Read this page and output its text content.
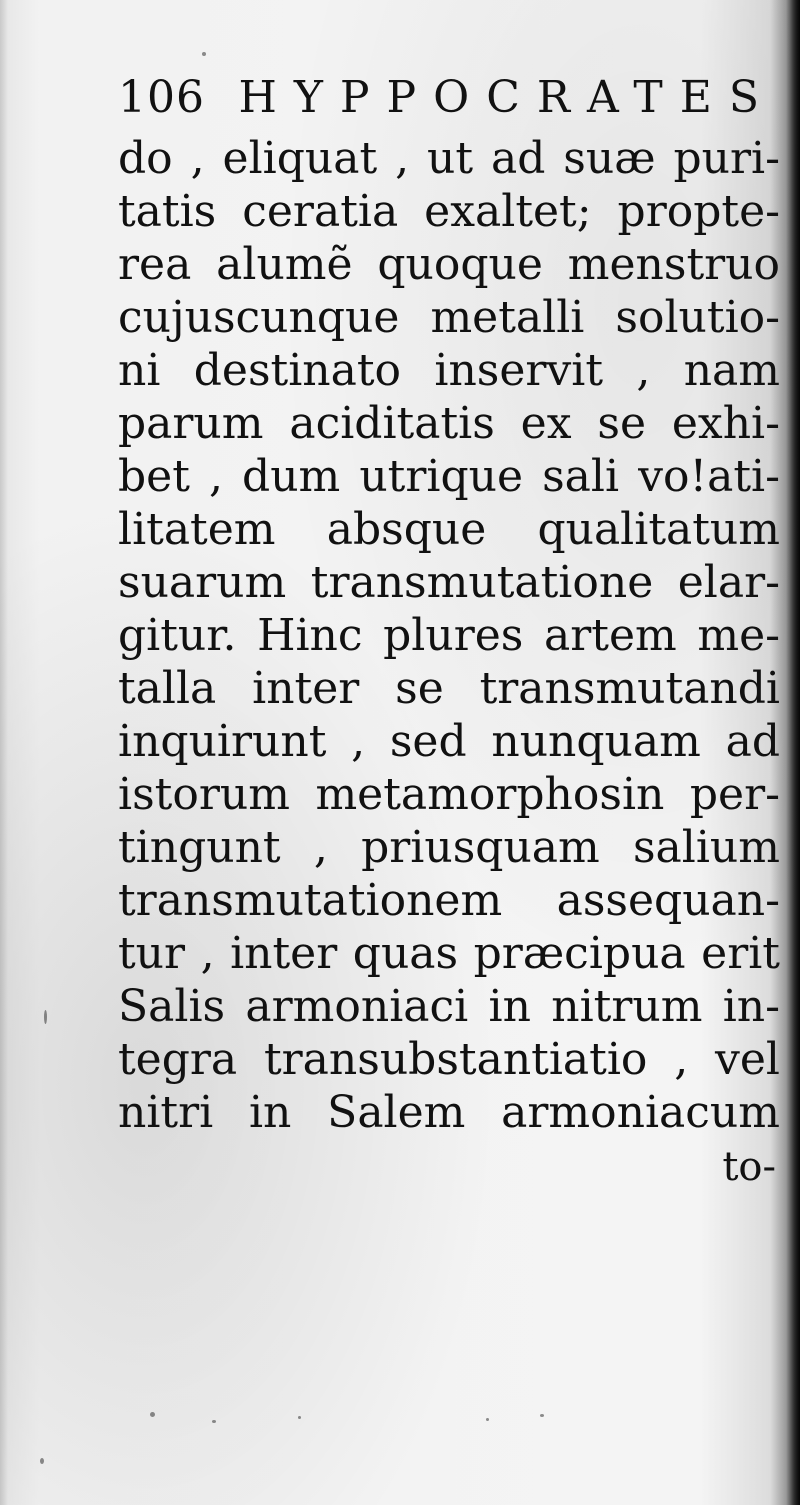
106 HYPPOCRATES
do , eliquat , ut ad suæ puri-
tatis ceratia exaltet; propte-
rea alumẽ quoque menstruo
cujuscunque metalli solutio-
ni destinato inservit , nam
parum aciditatis ex se exhi-
bet , dum utrique sali vo!ati-
litatem absque qualitatum
suarum transmutatione elar-
gitur. Hinc plures artem me-
talla inter se transmutandi
inquirunt , sed nunquam ad
istorum metamorphosin per-
tingunt , priusquam salium
transmutationem assequan-
tur , inter quas præcipua erit
Salis armoniaci in nitrum in-
tegra transubstantiatio , vel
nitri in Salem armoniacum
to-
